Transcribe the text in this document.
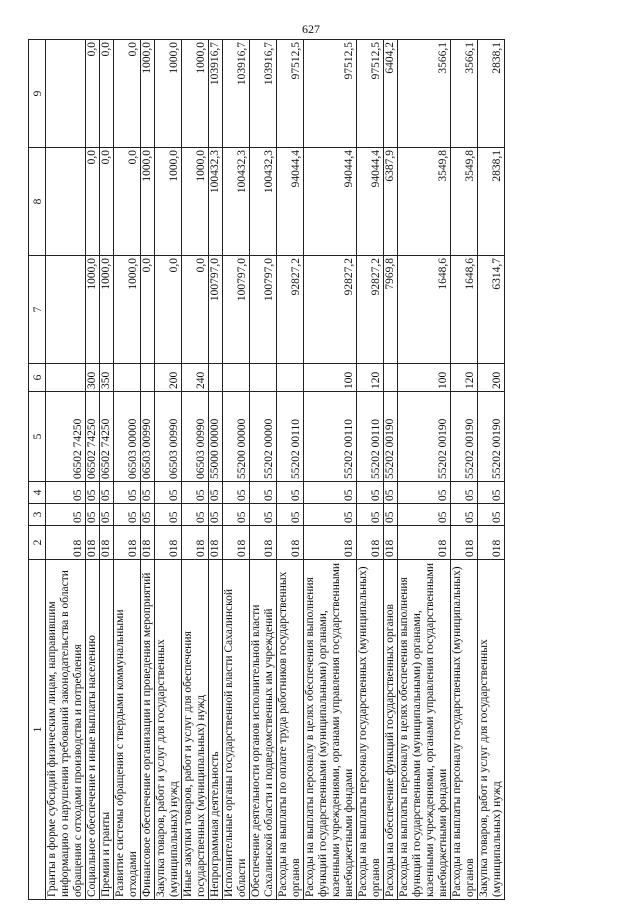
627
1	2	3	4	5	6	7	8	9
Гранты в форме субсидий физическим лицам, направившим информацию о нарушении требований законодательства в области обращения с отходами производства и потребления	018	05	05	06502 74250				
Социальное обеспечение и иные выплаты населению	018	05	05	06502 74250	300	1000,0	0,0	0,0
Премии и гранты	018	05	05	06502 74250	350	1000,0	0,0	0,0
Развитие системы обращения с твердыми коммунальными отходами	018	05	05	06503 00000		1000,0	0,0	0,0
Финансовое обеспечение организации и проведения мероприятий	018	05	05	06503 00990		0,0	1000,0	1000,0
Закупка товаров, работ и услуг для государственных (муниципальных) нужд	018	05	05	06503 00990	200	0,0	1000,0	1000,0
Иные закупки товаров, работ и услуг для обеспечения государственных (муниципальных) нужд	018	05	05	06503 00990	240	0,0	1000,0	1000,0
Непрограммная деятельность	018	05	05	55000 00000		100797,0	100432,3	103916,7
Исполнительные органы государственной власти Сахалинской области	018	05	05	55200 00000		100797,0	100432,3	103916,7
Обеспечение деятельности органов исполнительной власти Сахалинской области и подведомственных им учреждений	018	05	05	55202 00000		100797,0	100432,3	103916,7
Расходы на выплаты по оплате труда работников государственных органов	018	05	05	55202 00110		92827,2	94044,4	97512,5
Расходы на выплаты персоналу в целях обеспечения выполнения функций государственными (муниципальными) органами, казенными учреждениями, органами управления государственными внебюджетными фондами	018	05	05	55202 00110	100	92827,2	94044,4	97512,5
Расходы на выплаты персоналу государственных (муниципальных) органов	018	05	05	55202 00110	120	92827,2	94044,4	97512,5
Расходы на обеспечение функций государственных органов	018	05	05	55202 00190		7969,8	6387,9	6404,2
Расходы на выплаты персоналу в целях обеспечения выполнения функций государственными (муниципальными) органами, казенными учреждениями, органами управления государственными внебюджетными фондами	018	05	05	55202 00190	100	1648,6	3549,8	3566,1
Расходы на выплаты персоналу государственных (муниципальных) органов	018	05	05	55202 00190	120	1648,6	3549,8	3566,1
Закупка товаров, работ и услуг для государственных (муниципальных) нужд	018	05	05	55202 00190	200	6314,7	2838,1	2838,1
